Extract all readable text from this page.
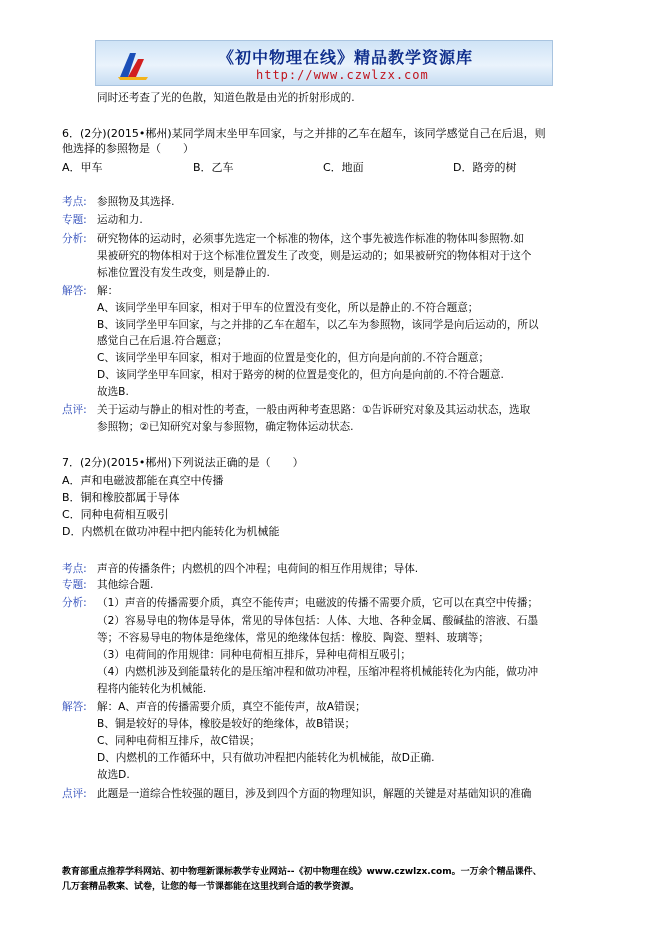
《初中物理在线》精品教学资源库
http://www.czwlzx.com
同时还考查了光的色散，知道色散是由光的折射形成的.
6．(2分)(2015•郴州)某同学周末坐甲车回家，与之并排的乙车在超车，该同学感觉自己在后退，则
他选择的参照物是（　　）
A．甲车	B．乙车	C．地面	D．路旁的树
考点: 参照物及其选择.
专题: 运动和力.
分析: 研究物体的运动时，必须事先选定一个标准的物体，这个事先被选作标准的物体叫参照物.如
果被研究的物体相对于这个标准位置发生了改变，则是运动的；如果被研究的物体相对于这个
标准位置没有发生改变，则是静止的.
解答: 解：
A、该同学坐甲车回家，相对于甲车的位置没有变化，所以是静止的.不符合题意；
B、该同学坐甲车回家，与之并排的乙车在超车，以乙车为参照物，该同学是向后运动的，所以
感觉自己在后退.符合题意；
C、该同学坐甲车回家，相对于地面的位置是变化的，但方向是向前的.不符合题意；
D、该同学坐甲车回家，相对于路旁的树的位置是变化的，但方向是向前的.不符合题意.
故选B.
点评: 关于运动与静止的相对性的考查，一般由两种考查思路：①告诉研究对象及其运动状态，选取
参照物；②已知研究对象与参照物，确定物体运动状态.
7．(2分)(2015•郴州)下列说法正确的是（　　）
A．声和电磁波都能在真空中传播
B．铜和橡胶都属于导体
C．同种电荷相互吸引
D．内燃机在做功冲程中把内能转化为机械能
考点: 声音的传播条件；内燃机的四个冲程；电荷间的相互作用规律；导体.
专题: 其他综合题.
分析: （1）声音的传播需要介质，真空不能传声；电磁波的传播不需要介质，它可以在真空中传播；
（2）容易导电的物体是导体，常见的导体包括：人体、大地、各种金属、酸碱盐的溶液、石墨
等；不容易导电的物体是绝缘体，常见的绝缘体包括：橡胶、陶瓷、塑料、玻璃等；
（3）电荷间的作用规律：同种电荷相互排斥，异种电荷相互吸引；
（4）内燃机涉及到能量转化的是压缩冲程和做功冲程，压缩冲程将机械能转化为内能，做功冲
程将内能转化为机械能.
解答: 解：A、声音的传播需要介质，真空不能传声，故A错误；
B、铜是较好的导体，橡胶是较好的绝缘体，故B错误；
C、同种电荷相互排斥，故C错误；
D、内燃机的工作循环中，只有做功冲程把内能转化为机械能，故D正确.
故选D.
点评: 此题是一道综合性较强的题目，涉及到四个方面的物理知识，解题的关键是对基础知识的准确
教育部重点推荐学科网站、初中物理新课标教学专业网站--《初中物理在线》www.czwlzx.com。一万余个精品课件、
几万套精品教案、试卷，让您的每一节课都能在这里找到合适的教学资源。
